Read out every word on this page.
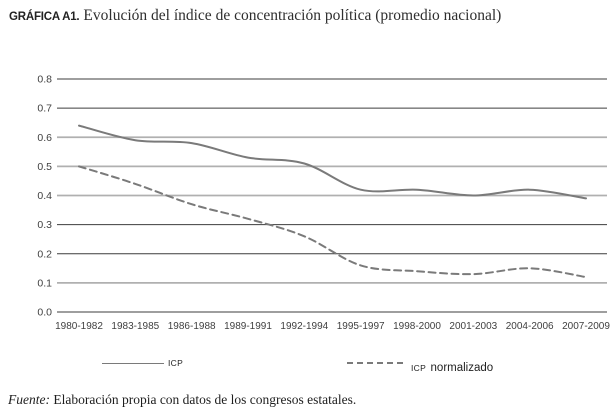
GRÁFICA A1. Evolución del índice de concentración política (promedio nacional)
0.8
0.7
0.6
0.5
0.4
0.3
0.2
0.1
0.0
1980-1982 1983-1985 1986-1988 1989-1991 1992-1994 1995-1997 1998-2000 2001-2003 2004-2006 2007-2009
ICP	ICP normalizado
Fuente: Elaboración propia con datos de los congresos estatales.
